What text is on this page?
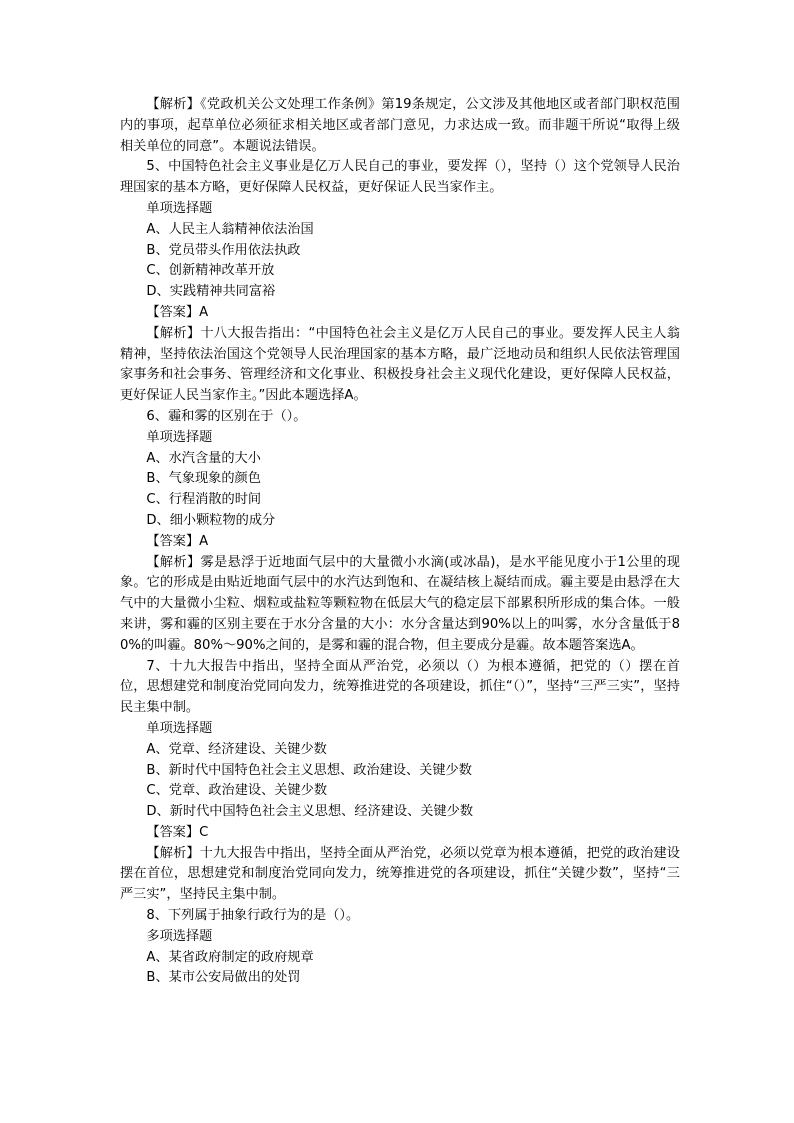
【解析】《党政机关公文处理工作条例》第19条规定，公文涉及其他地区或者部门职权范围内的事项，起草单位必须征求相关地区或者部门意见，力求达成一致。而非题干所说“取得上级相关单位的同意”。本题说法错误。

5、中国特色社会主义事业是亿万人民自己的事业，要发挥（），坚持（）这个党领导人民治理国家的基本方略，更好保障人民权益，更好保证人民当家作主。

单项选择题

A、人民主人翁精神依法治国

B、党员带头作用依法执政

C、创新精神改革开放

D、实践精神共同富裕

【答案】A

【解析】十八大报告指出：“中国特色社会主义是亿万人民自己的事业。要发挥人民主人翁精神，坚持依法治国这个党领导人民治理国家的基本方略，最广泛地动员和组织人民依法管理国家事务和社会事务、管理经济和文化事业、积极投身社会主义现代化建设，更好保障人民权益，更好保证人民当家作主。”因此本题选择A。

6、霾和雾的区别在于（）。

单项选择题

A、水汽含量的大小

B、气象现象的颜色

C、行程消散的时间

D、细小颗粒物的成分

【答案】A

【解析】雾是悬浮于近地面气层中的大量微小水滴(或冰晶)，是水平能见度小于1公里的现象。它的形成是由贴近地面气层中的水汽达到饱和、在凝结核上凝结而成。霾主要是由悬浮在大气中的大量微小尘粒、烟粒或盐粒等颗粒物在低层大气的稳定层下部累积所形成的集合体。一般来讲，雾和霾的区别主要在于水分含量的大小：水分含量达到90%以上的叫雾，水分含量低于80%的叫霾。80%～90%之间的，是雾和霾的混合物，但主要成分是霾。故本题答案选A。

7、十九大报告中指出，坚持全面从严治党，必须以（）为根本遵循，把党的（）摆在首位，思想建党和制度治党同向发力，统筹推进党的各项建设，抓住“（）”，坚持“三严三实”，坚持民主集中制。

单项选择题

A、党章、经济建设、关键少数

B、新时代中国特色社会主义思想、政治建设、关键少数

C、党章、政治建设、关键少数

D、新时代中国特色社会主义思想、经济建设、关键少数

【答案】C

【解析】十九大报告中指出，坚持全面从严治党，必须以党章为根本遵循，把党的政治建设摆在首位，思想建党和制度治党同向发力，统筹推进党的各项建设，抓住“关键少数”，坚持“三严三实”，坚持民主集中制。

8、下列属于抽象行政行为的是（）。

多项选择题

A、某省政府制定的政府规章

B、某市公安局做出的处罚
